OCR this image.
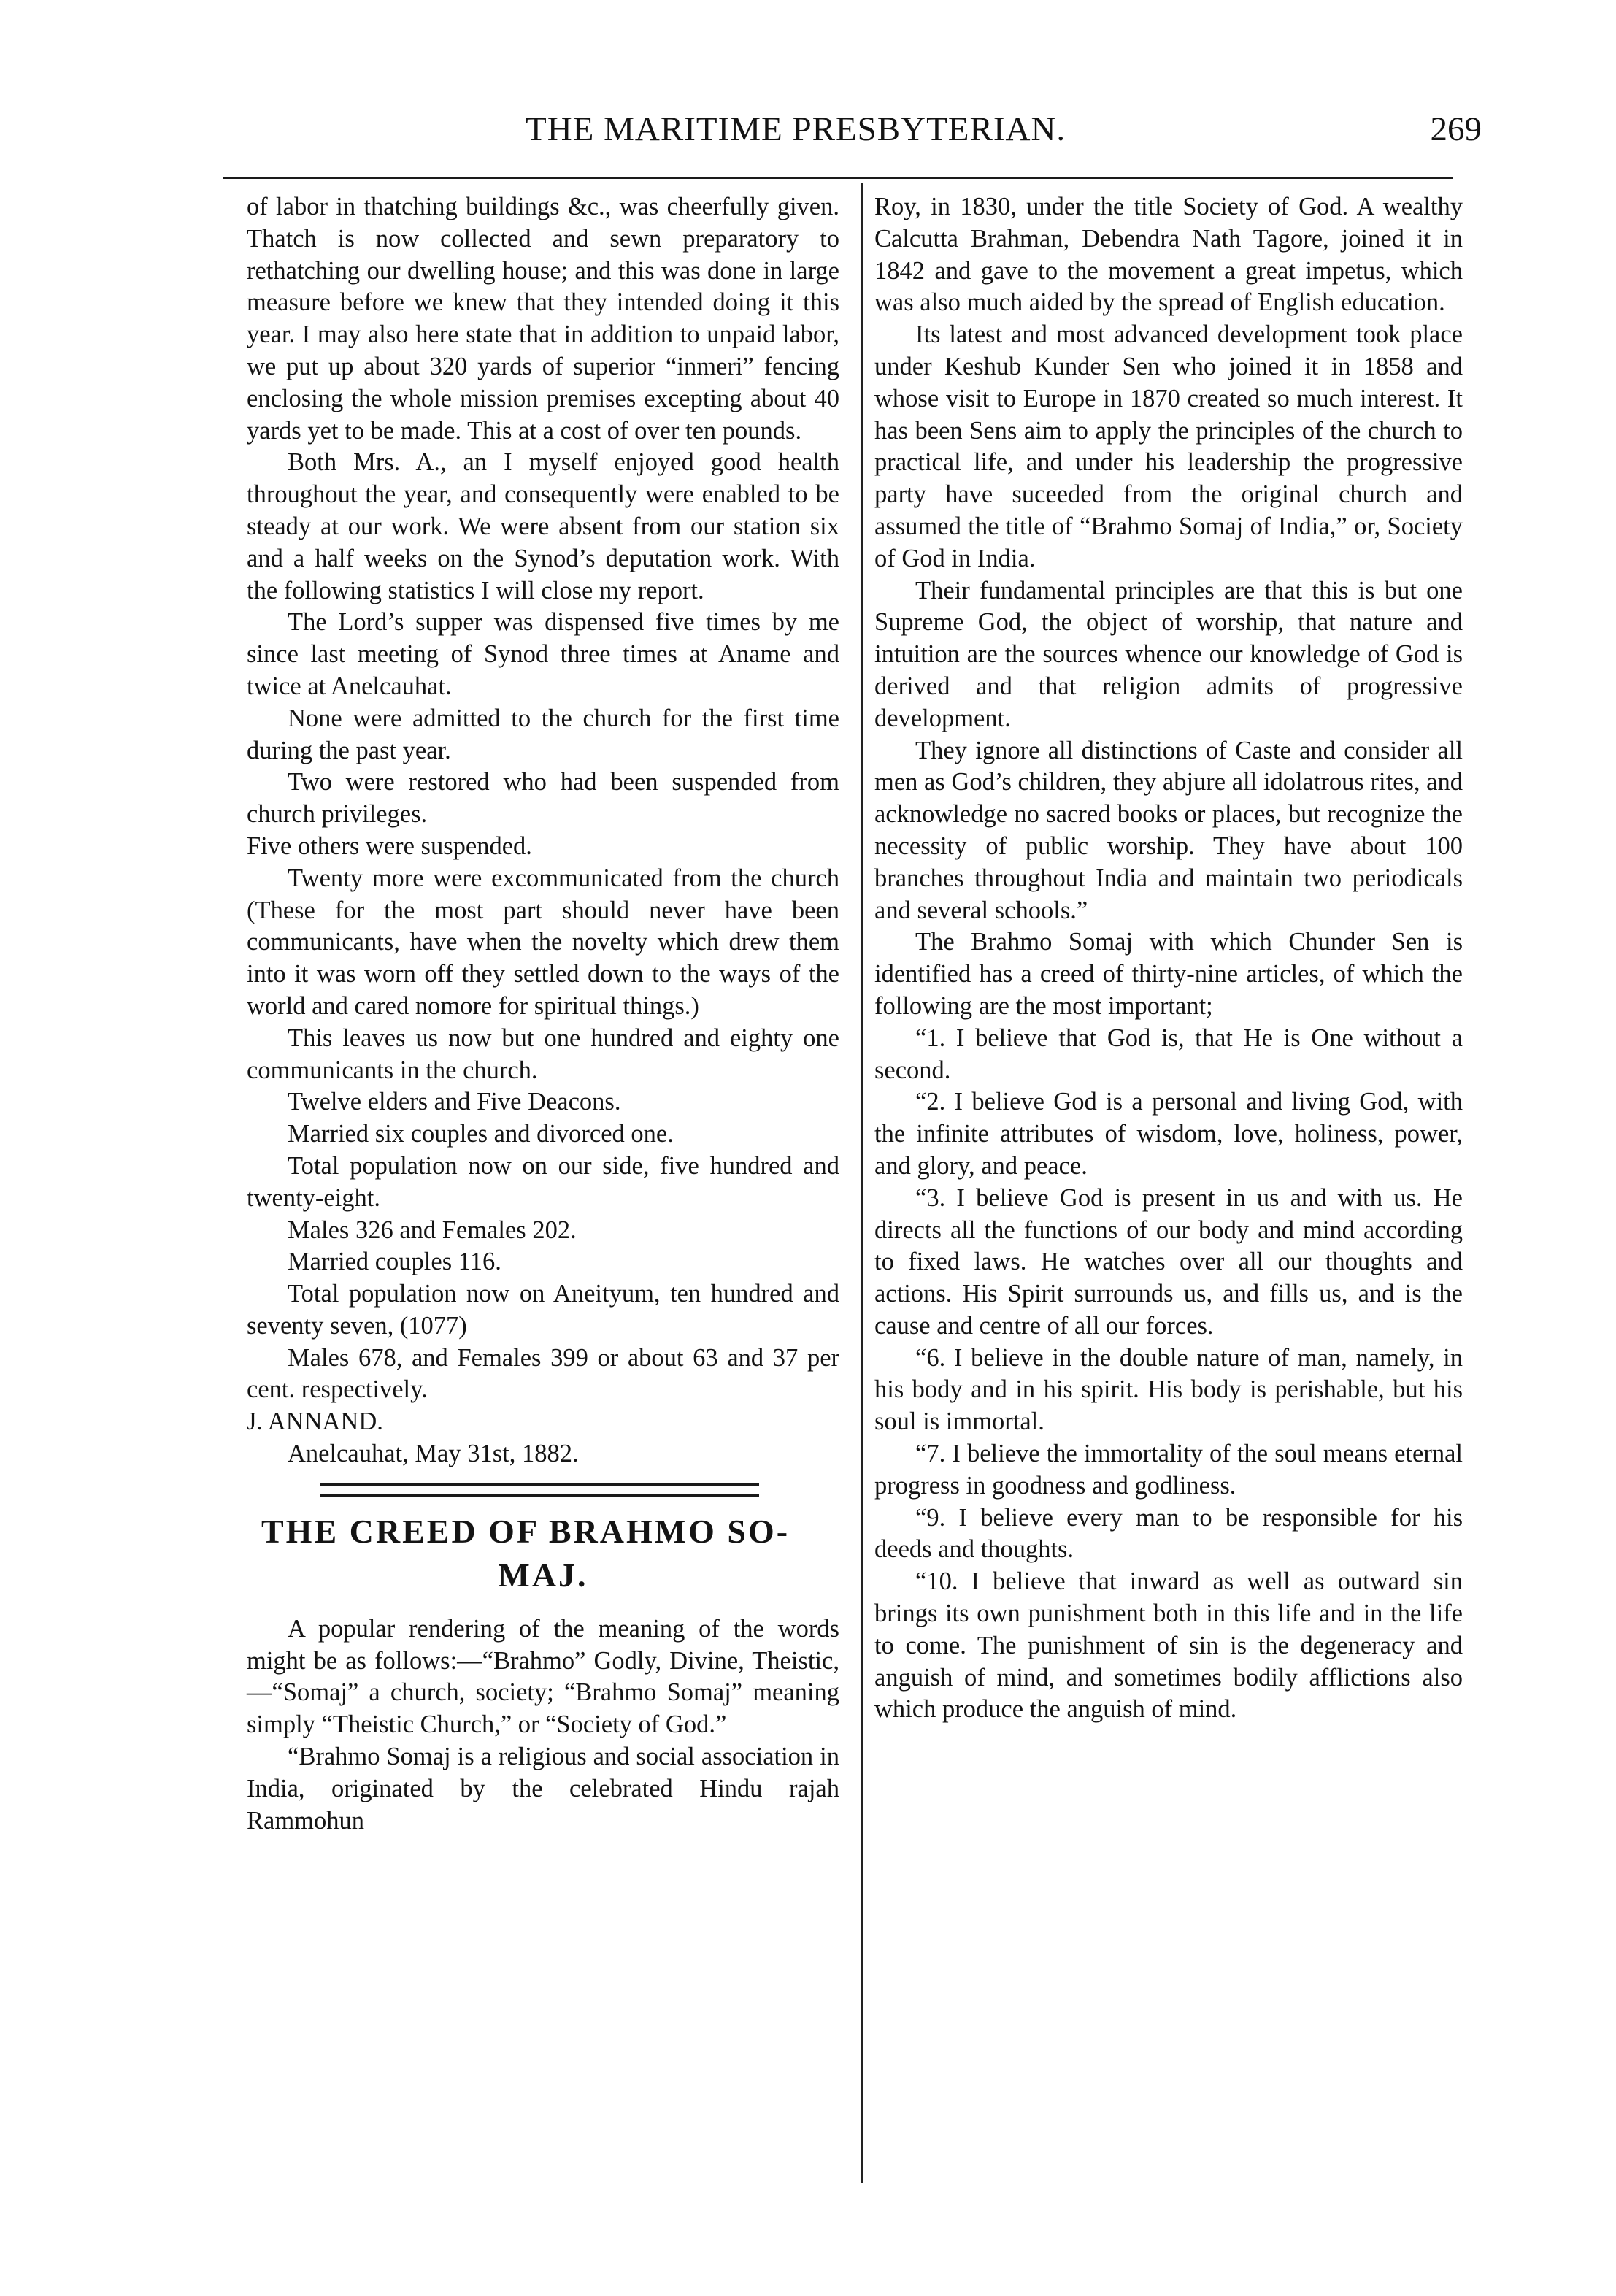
THE MARITIME PRESBYTERIAN.	269

of labor in thatching buildings &c., was cheerfully given. Thatch is now collected and sewn preparatory to rethatching our dwelling house; and this was done in large measure before we knew that they intended doing it this year. I may also here state that in addition to unpaid labor, we put up about 320 yards of superior “inmeri” fencing enclosing the whole mission premises excepting about 40 yards yet to be made. This at a cost of over ten pounds.

Both Mrs. A., an I myself enjoyed good health throughout the year, and consequently were enabled to be steady at our work. We were absent from our station six and a half weeks on the Synod’s deputation work. With the following statistics I will close my report.

The Lord’s supper was dispensed five times by me since last meeting of Synod three times at Aname and twice at Anelcauhat.

None were admitted to the church for the first time during the past year.

Two were restored who had been suspended from church privileges.

Five others were suspended.

Twenty more were excommunicated from the church (These for the most part should never have been communicants, have when the novelty which drew them into it was worn off they settled down to the ways of the world and cared nomore for spiritual things.)

This leaves us now but one hundred and eighty one communicants in the church.

Twelve elders and Five Deacons.

Married six couples and divorced one.

Total population now on our side, five hundred and twenty-eight.

Males 326 and Females 202.

Married couples 116.

Total population now on Aneityum, ten hundred and seventy seven, (1077)

Males 678, and Females 399 or about 63 and 37 per cent. respectively.

J. ANNAND.

Anelcauhat, May 31st, 1882.

THE CREED OF BRAHMO SO-
MAJ.

A popular rendering of the meaning of the words might be as follows:—“Brahmo” Godly, Divine, Theistic,—“Somaj” a church, society; “Brahmo Somaj” meaning simply “Theistic Church,” or “Society of God.”

“Brahmo Somaj is a religious and social association in India, originated by the celebrated Hindu rajah Rammohun

Roy, in 1830, under the title Society of God. A wealthy Calcutta Brahman, Debendra Nath Tagore, joined it in 1842 and gave to the movement a great impetus, which was also much aided by the spread of English education.

Its latest and most advanced development took place under Keshub Kunder Sen who joined it in 1858 and whose visit to Europe in 1870 created so much interest. It has been Sens aim to apply the principles of the church to practical life, and under his leadership the progressive party have suceeded from the original church and assumed the title of “Brahmo Somaj of India,” or, Society of God in India.

Their fundamental principles are that this is but one Supreme God, the object of worship, that nature and intuition are the sources whence our knowledge of God is derived and that religion admits of progressive development.

They ignore all distinctions of Caste and consider all men as God’s children, they abjure all idolatrous rites, and acknowledge no sacred books or places, but recognize the necessity of public worship. They have about 100 branches throughout India and maintain two periodicals and several schools.”

The Brahmo Somaj with which Chunder Sen is identified has a creed of thirty-nine articles, of which the following are the most important;

“1. I believe that God is, that He is One without a second.

“2. I believe God is a personal and living God, with the infinite attributes of wisdom, love, holiness, power, and glory, and peace.

“3. I believe God is present in us and with us. He directs all the functions of our body and mind according to fixed laws. He watches over all our thoughts and actions. His Spirit surrounds us, and fills us, and is the cause and centre of all our forces.

“6. I believe in the double nature of man, namely, in his body and in his spirit. His body is perishable, but his soul is immortal.

“7. I believe the immortality of the soul means eternal progress in goodness and godliness.

“9. I believe every man to be responsible for his deeds and thoughts.

“10. I believe that inward as well as outward sin brings its own punishment both in this life and in the life to come. The punishment of sin is the degeneracy and anguish of mind, and sometimes bodily afflictions also which produce the anguish of mind.
